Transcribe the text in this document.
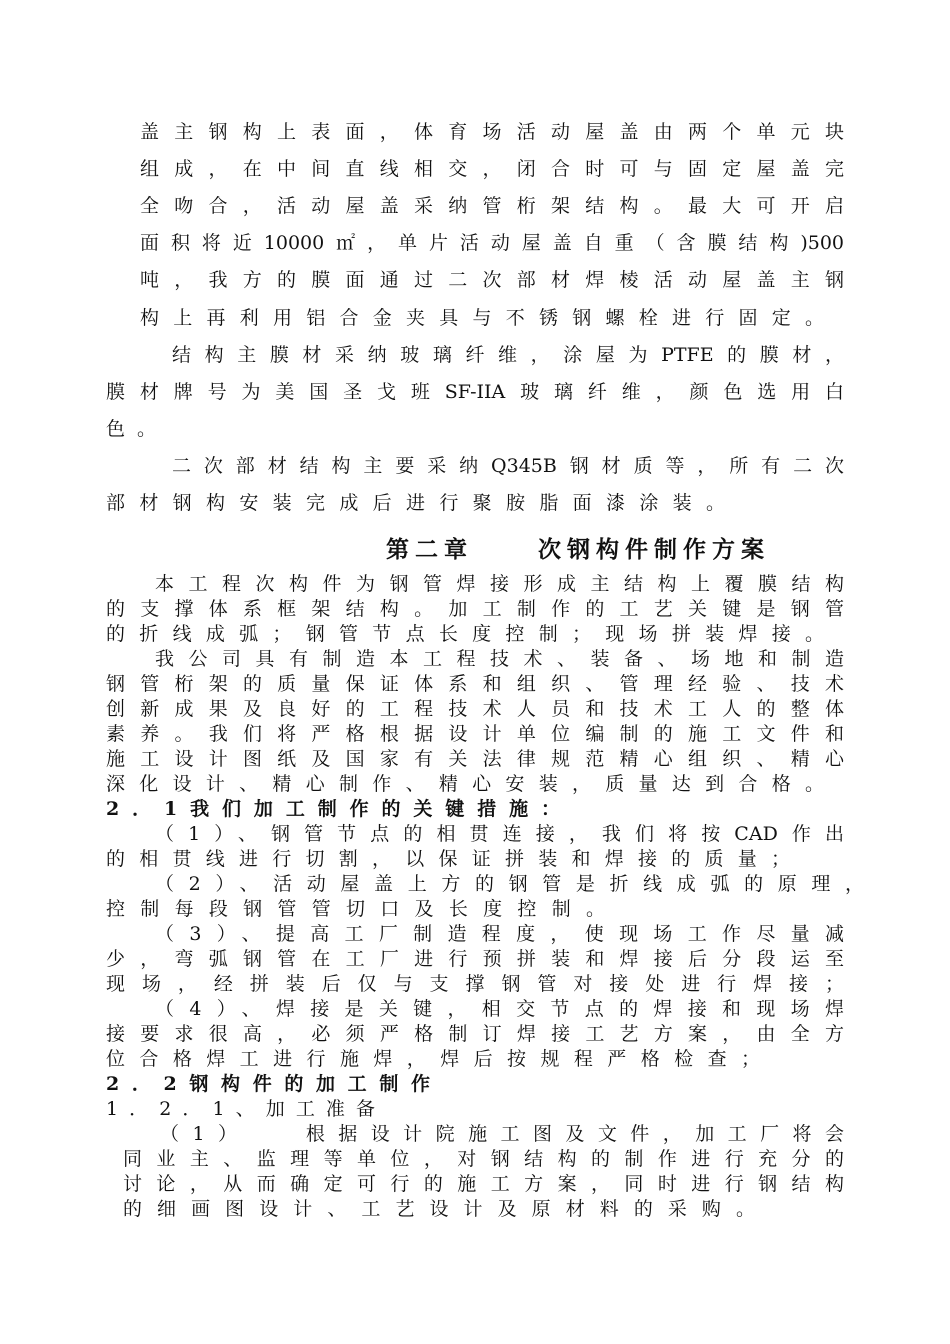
盖主钢构上表面，体育场活动屋盖由两个单元块
组成，在中间直线相交，闭合时可与固定屋盖完
全吻合，活动屋盖采纳管桁架结构。最大可开启
面积将近10000㎡，单片活动屋盖自重（含膜结构)500
吨，我方的膜面通过二次部材焊棱活动屋盖主钢
构上再利用铝合金夹具与不锈钢螺栓进行固定。
结构主膜材采纳玻璃纤维，涂屋为PTFE的膜材，
膜材牌号为美国圣戈班SF-IIA玻璃纤维，颜色选用白
色。
二次部材结构主要采纳Q345B钢材质等，所有二次
部材钢构安装完成后进行聚胺脂面漆涂装。
第二章	次钢构件制作方案
本工程次构件为钢管焊接形成主结构上覆膜结构
的支撑体系框架结构。加工制作的工艺关键是钢管
的折线成弧；钢管节点长度控制；现场拼装焊接。
我公司具有制造本工程技术、装备、场地和制造
钢管桁架的质量保证体系和组织、管理经验、技术
创新成果及良好的工程技术人员和技术工人的整体
素养。我们将严格根据设计单位编制的施工文件和
施工设计图纸及国家有关法律规范精心组织、精心
深化设计、精心制作、精心安装，质量达到合格。
2．1我们加工制作的关键措施：
（1）、钢管节点的相贯连接，我们将按CAD作出
的相贯线进行切割，以保证拼装和焊接的质量；
（2）、活动屋盖上方的钢管是折线成弧的原理，
控制每段钢管管切口及长度控制。
（3）、提高工厂制造程度，使现场工作尽量减
少，弯弧钢管在工厂进行预拼装和焊接后分段运至
现场，经拼装后仅与支撑钢管对接处进行焊接；
（4）、焊接是关键，相交节点的焊接和现场焊
接要求很高，必须严格制订焊接工艺方案，由全方
位合格焊工进行施焊，焊后按规程严格检查；
2．2钢构件的加工制作
1．2．1、加工准备
（1）　　根据设计院施工图及文件，加工厂将会
同业主、监理等单位，对钢结构的制作进行充分的
讨论，从而确定可行的施工方案，同时进行钢结构
的细画图设计、工艺设计及原材料的采购。
